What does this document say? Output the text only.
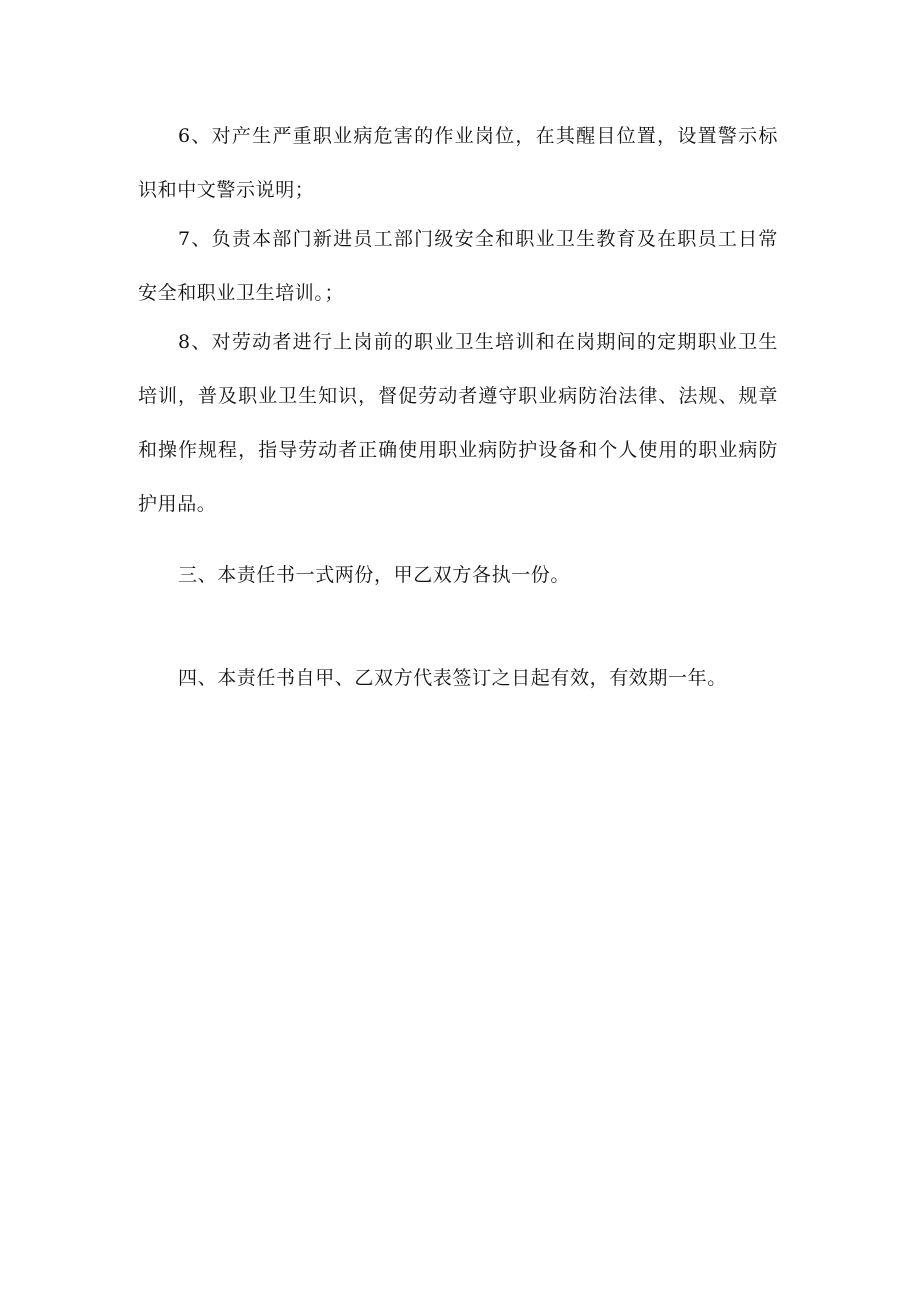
6、对产生严重职业病危害的作业岗位，在其醒目位置，设置警示标识和中文警示说明；

7、负责本部门新进员工部门级安全和职业卫生教育及在职员工日常安全和职业卫生培训。；

8、对劳动者进行上岗前的职业卫生培训和在岗期间的定期职业卫生培训，普及职业卫生知识，督促劳动者遵守职业病防治法律、法规、规章和操作规程，指导劳动者正确使用职业病防护设备和个人使用的职业病防护用品。

三、本责任书一式两份，甲乙双方各执一份。

四、本责任书自甲、乙双方代表签订之日起有效，有效期一年。
